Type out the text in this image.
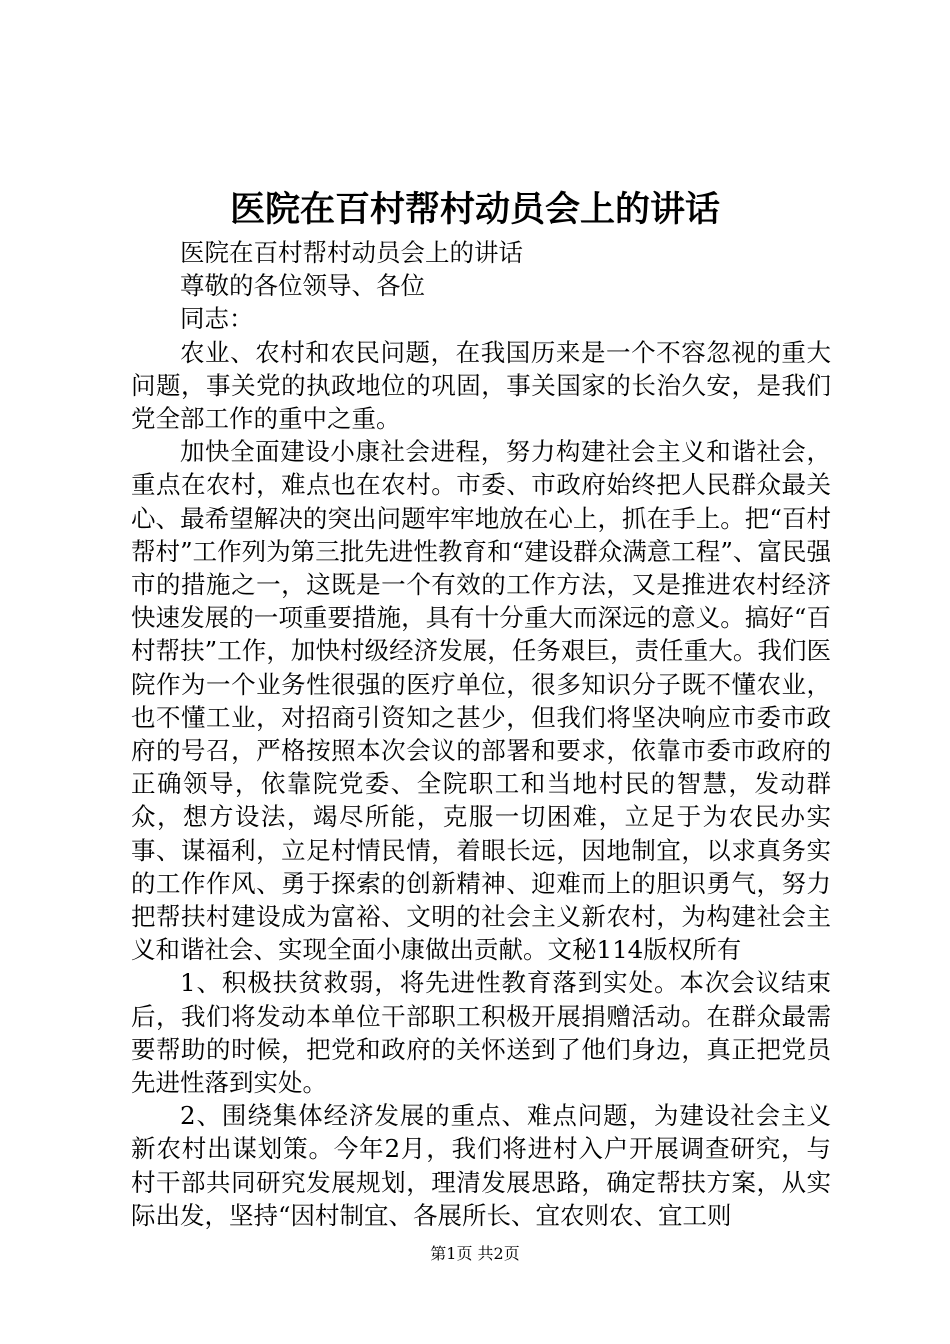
医院在百村帮村动员会上的讲话

医院在百村帮村动员会上的讲话

尊敬的各位领导、各位

同志：

农业、农村和农民问题，在我国历来是一个不容忽视的重大问题，事关党的执政地位的巩固，事关国家的长治久安，是我们党全部工作的重中之重。

加快全面建设小康社会进程，努力构建社会主义和谐社会，重点在农村，难点也在农村。市委、市政府始终把人民群众最关心、最希望解决的突出问题牢牢地放在心上，抓在手上。把“百村帮村”工作列为第三批先进性教育和“建设群众满意工程”、富民强市的措施之一，这既是一个有效的工作方法，又是推进农村经济快速发展的一项重要措施，具有十分重大而深远的意义。搞好“百村帮扶”工作，加快村级经济发展，任务艰巨，责任重大。我们医院作为一个业务性很强的医疗单位，很多知识分子既不懂农业，也不懂工业，对招商引资知之甚少，但我们将坚决响应市委市政府的号召，严格按照本次会议的部署和要求，依靠市委市政府的正确领导，依靠院党委、全院职工和当地村民的智慧，发动群众，想方设法，竭尽所能，克服一切困难，立足于为农民办实事、谋福利，立足村情民情，着眼长远，因地制宜，以求真务实的工作作风、勇于探索的创新精神、迎难而上的胆识勇气，努力把帮扶村建设成为富裕、文明的社会主义新农村，为构建社会主义和谐社会、实现全面小康做出贡献。文秘114版权所有

1、积极扶贫救弱，将先进性教育落到实处。本次会议结束后，我们将发动本单位干部职工积极开展捐赠活动。在群众最需要帮助的时候，把党和政府的关怀送到了他们身边，真正把党员先进性落到实处。

2、围绕集体经济发展的重点、难点问题，为建设社会主义新农村出谋划策。今年2月，我们将进村入户开展调查研究，与村干部共同研究发展规划，理清发展思路，确定帮扶方案，从实际出发，坚持“因村制宜、各展所长、宜农则农、宜工则

第1页 共2页
